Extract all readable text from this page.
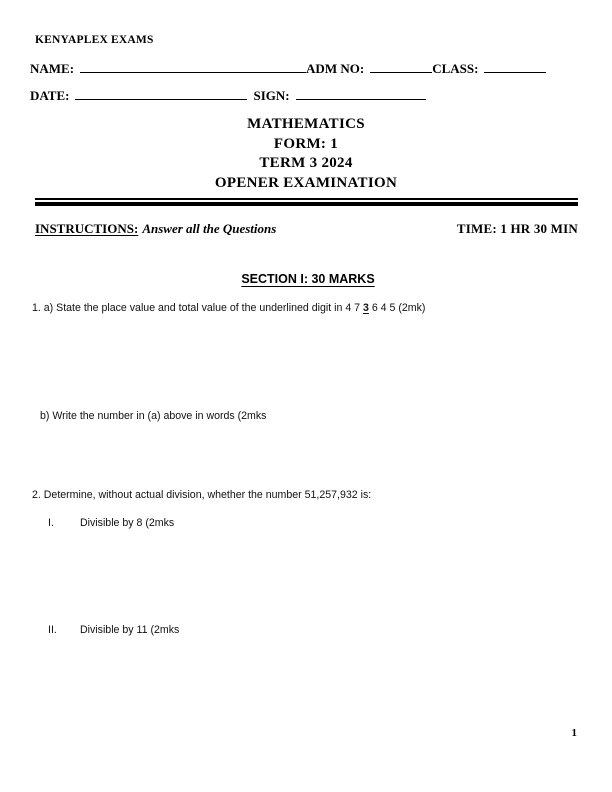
KENYAPLEX EXAMS
NAME:	ADM NO:	CLASS:
DATE:	SIGN:
MATHEMATICS
FORM: 1
TERM 3 2024
OPENER EXAMINATION
INSTRUCTIONS: Answer all the Questions	TIME: 1 HR 30 MIN
SECTION I: 30 MARKS
1. a) State the place value and total value of the underlined digit in 4 7 3 6 4 5 (2mk)
b) Write the number in (a) above in words (2mks
2. Determine, without actual division, whether the number 51,257,932 is:
I. Divisible by 8 (2mks
II. Divisible by 11 (2mks
1
